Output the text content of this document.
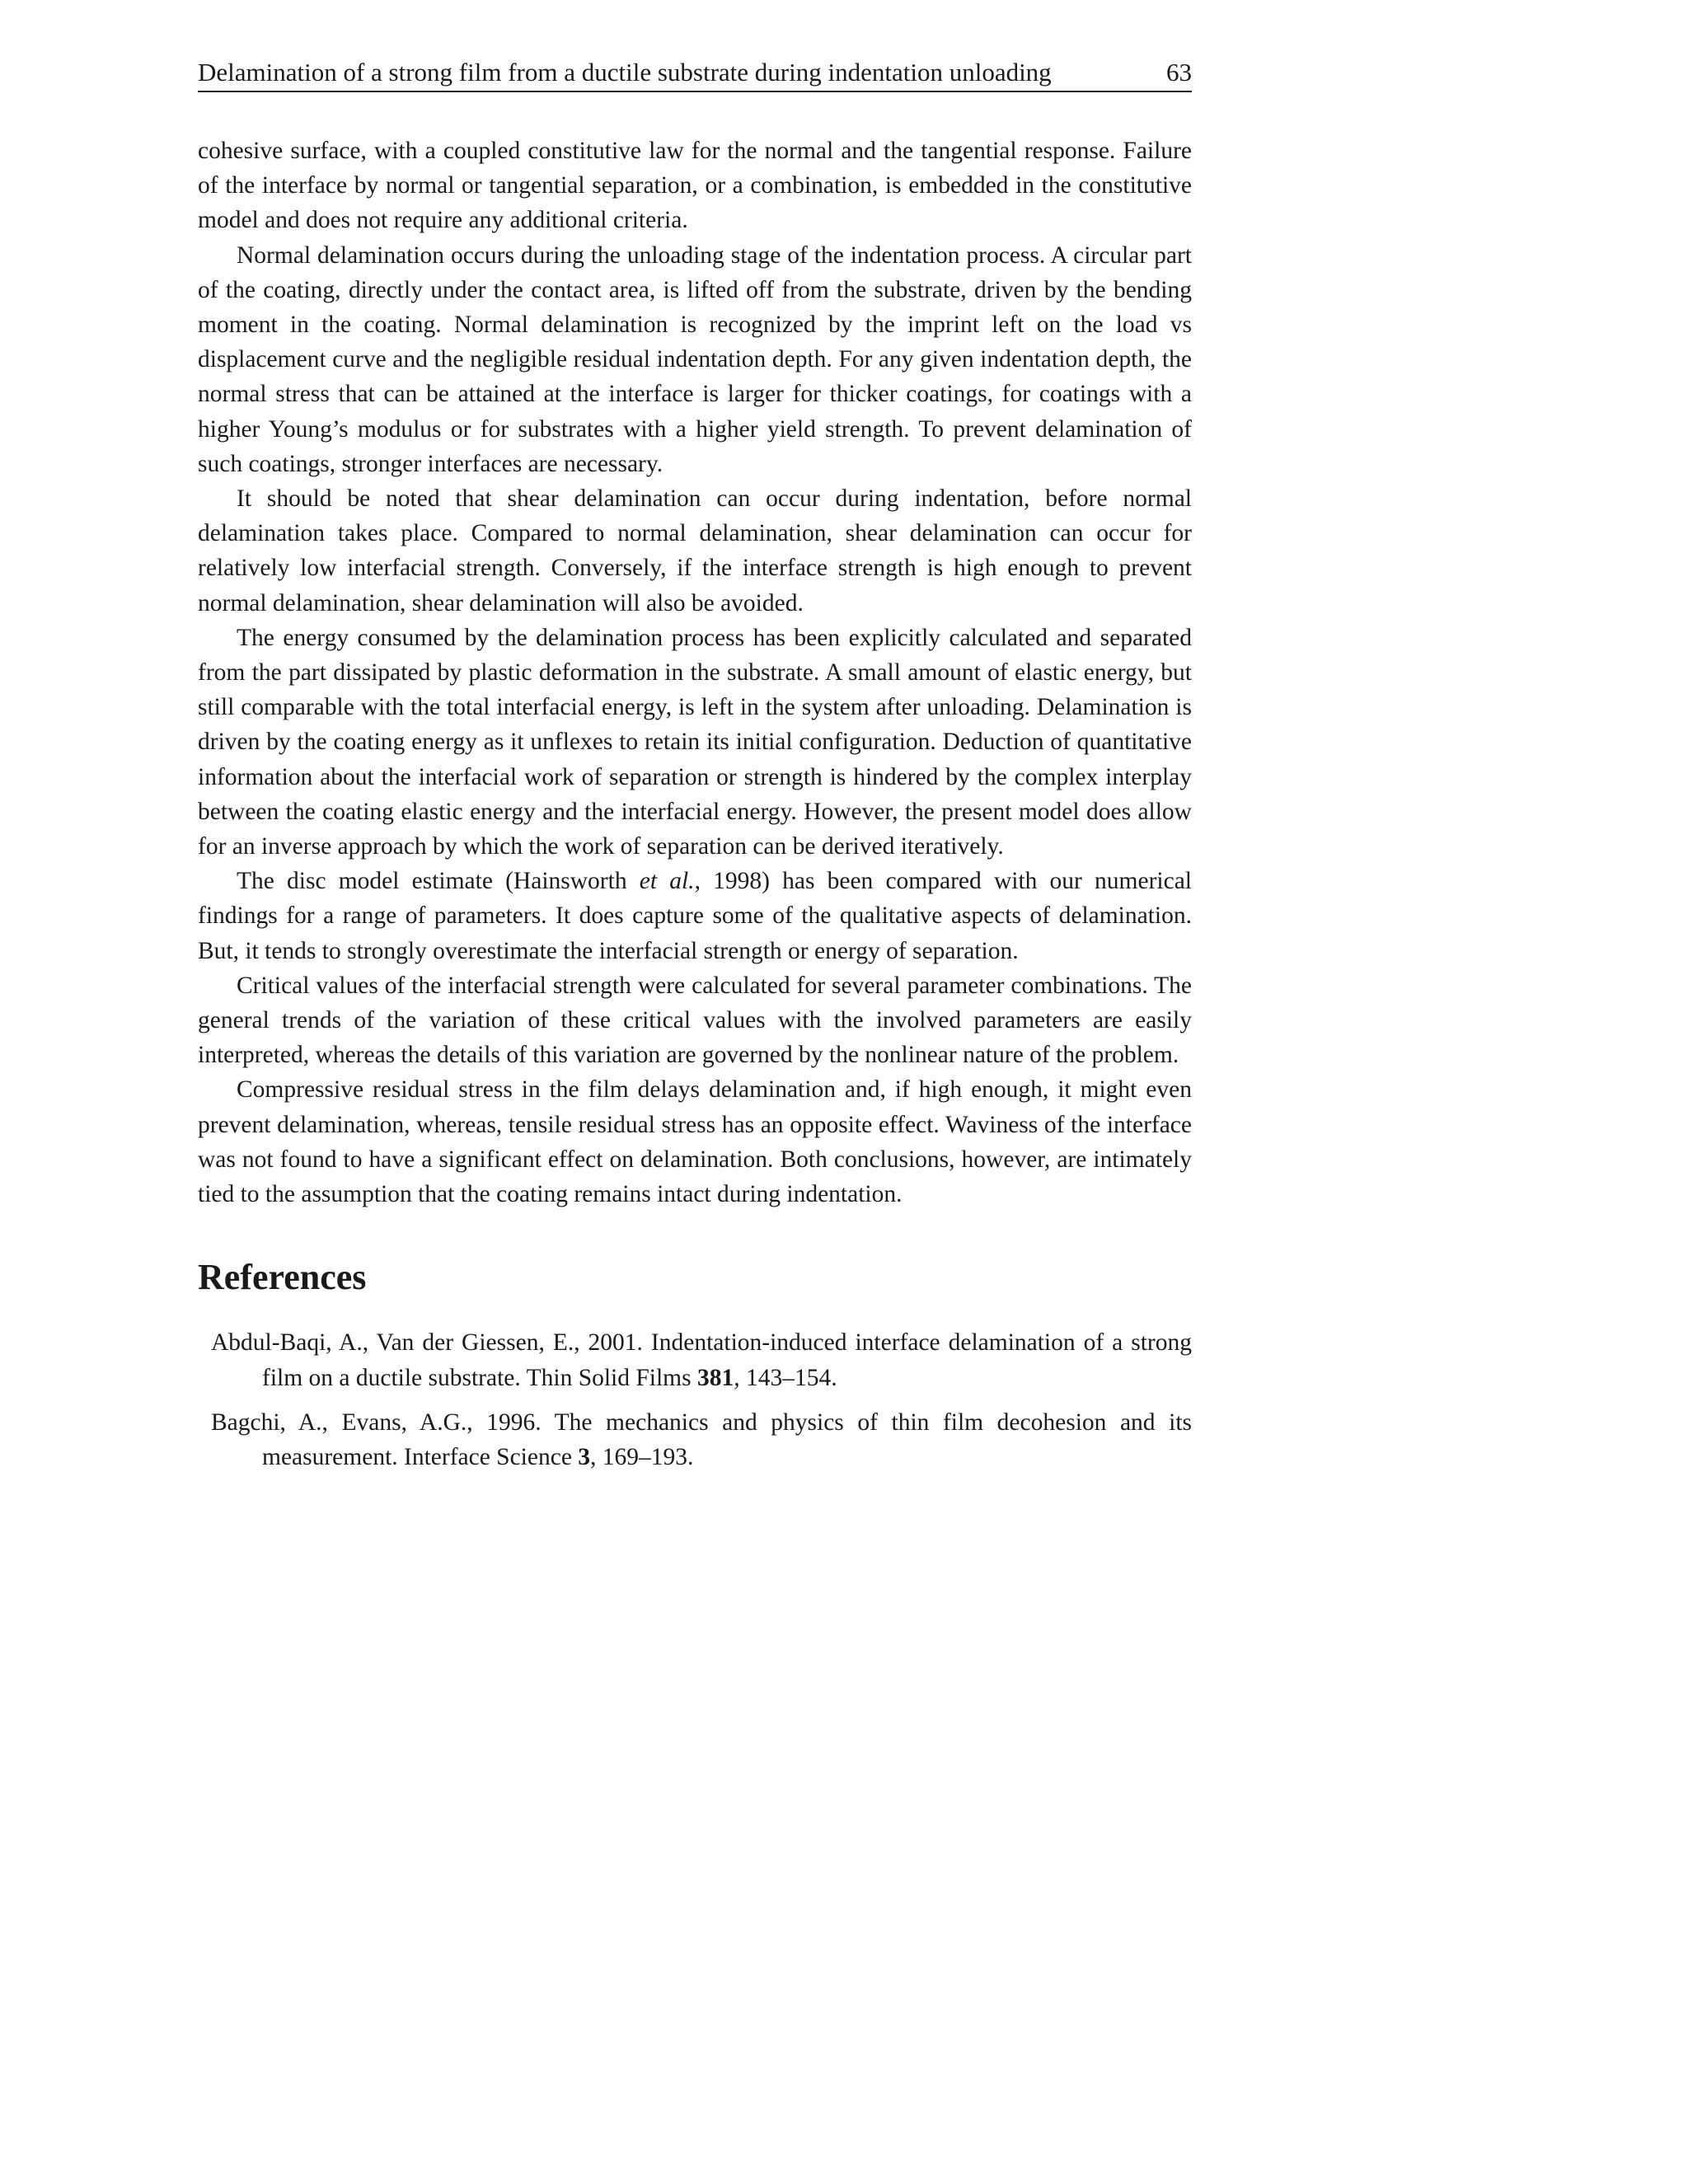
Delamination of a strong film from a ductile substrate during indentation unloading	63

cohesive surface, with a coupled constitutive law for the normal and the tangential response. Failure of the interface by normal or tangential separation, or a combination, is embedded in the constitutive model and does not require any additional criteria.

Normal delamination occurs during the unloading stage of the indentation process. A circular part of the coating, directly under the contact area, is lifted off from the substrate, driven by the bending moment in the coating. Normal delamination is recognized by the imprint left on the load vs displacement curve and the negligible residual indentation depth. For any given indentation depth, the normal stress that can be attained at the interface is larger for thicker coatings, for coatings with a higher Young’s modulus or for substrates with a higher yield strength. To prevent delamination of such coatings, stronger interfaces are necessary.

It should be noted that shear delamination can occur during indentation, before normal delamination takes place. Compared to normal delamination, shear delamination can occur for relatively low interfacial strength. Conversely, if the interface strength is high enough to prevent normal delamination, shear delamination will also be avoided.

The energy consumed by the delamination process has been explicitly calculated and separated from the part dissipated by plastic deformation in the substrate. A small amount of elastic energy, but still comparable with the total interfacial energy, is left in the system after unloading. Delamination is driven by the coating energy as it unflexes to retain its initial configuration. Deduction of quantitative information about the interfacial work of separation or strength is hindered by the complex interplay between the coating elastic energy and the interfacial energy. However, the present model does allow for an inverse approach by which the work of separation can be derived iteratively.

The disc model estimate (Hainsworth et al., 1998) has been compared with our numerical findings for a range of parameters. It does capture some of the qualitative aspects of delamination. But, it tends to strongly overestimate the interfacial strength or energy of separation.

Critical values of the interfacial strength were calculated for several parameter combinations. The general trends of the variation of these critical values with the involved parameters are easily interpreted, whereas the details of this variation are governed by the nonlinear nature of the problem.

Compressive residual stress in the film delays delamination and, if high enough, it might even prevent delamination, whereas, tensile residual stress has an opposite effect. Waviness of the interface was not found to have a significant effect on delamination. Both conclusions, however, are intimately tied to the assumption that the coating remains intact during indentation.

References

Abdul-Baqi, A., Van der Giessen, E., 2001. Indentation-induced interface delamination of a strong film on a ductile substrate. Thin Solid Films 381, 143–154.

Bagchi, A., Evans, A.G., 1996. The mechanics and physics of thin film decohesion and its measurement. Interface Science 3, 169–193.
